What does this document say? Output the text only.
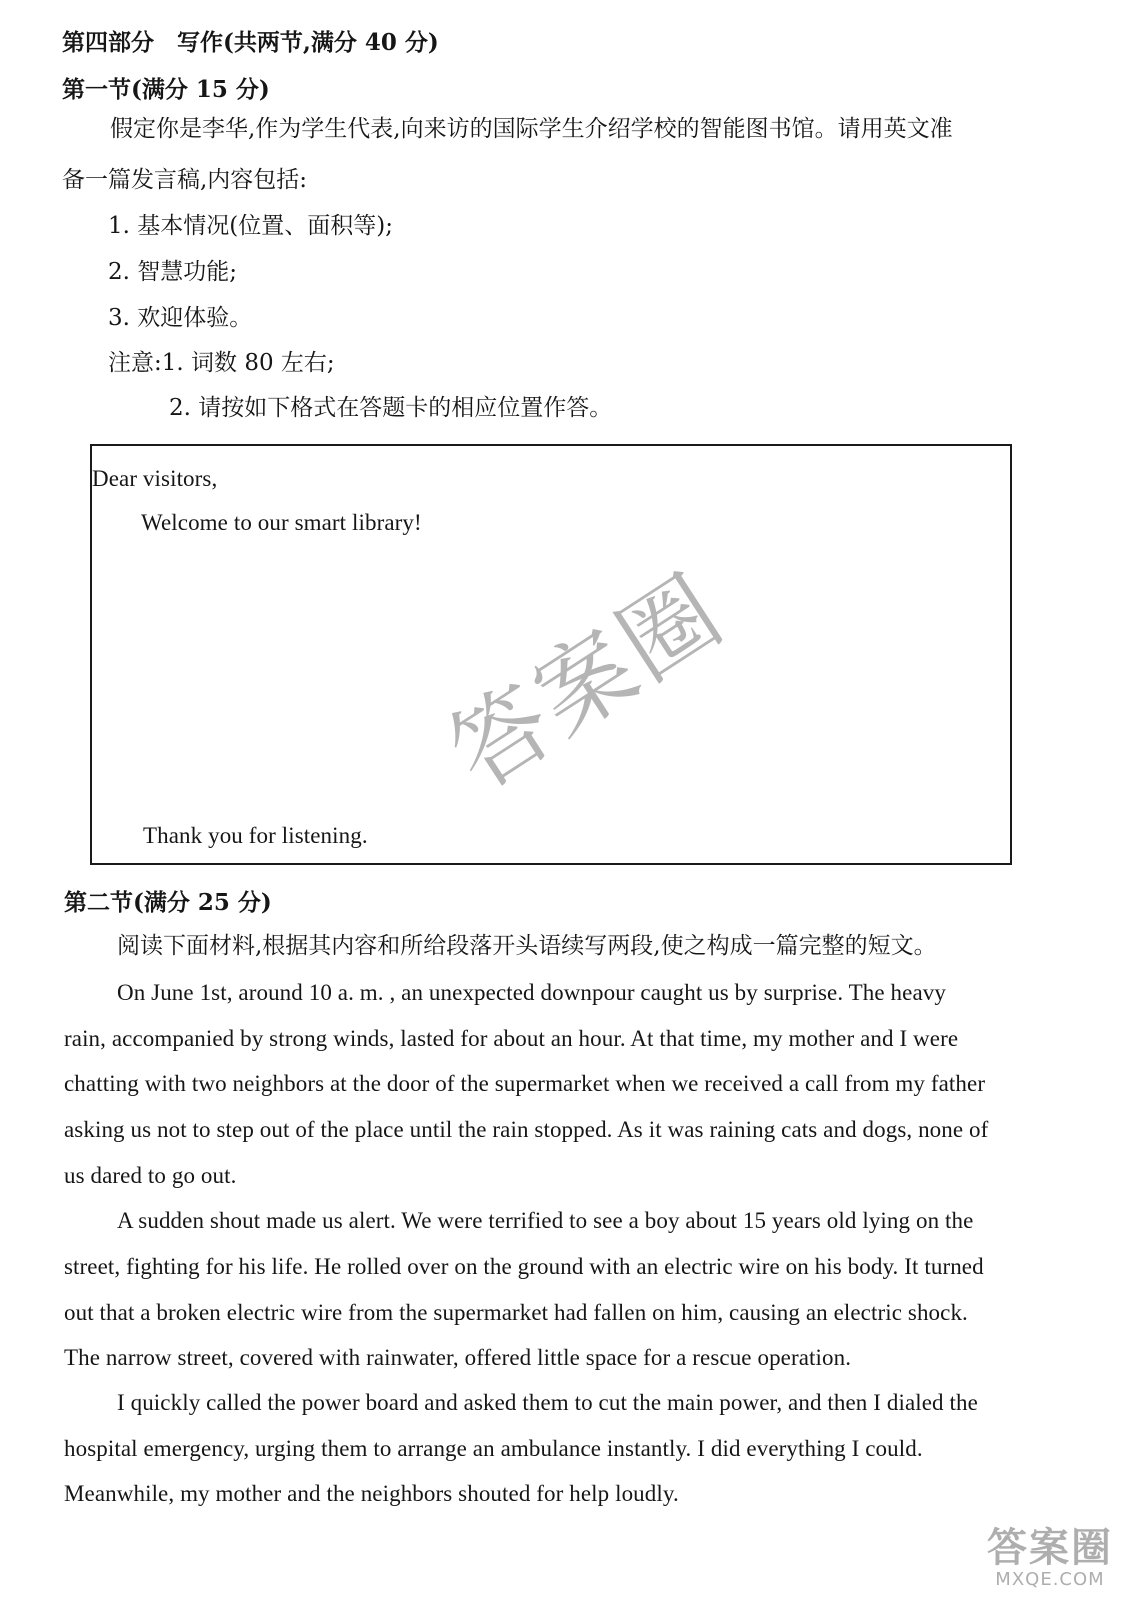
第四部分　写作(共两节,满分 40 分)
第一节(满分 15 分)
假定你是李华,作为学生代表,向来访的国际学生介绍学校的智能图书馆。请用英文准
备一篇发言稿,内容包括:
1. 基本情况(位置、面积等);
2. 智慧功能;
3. 欢迎体验。
注意:1. 词数 80 左右;
2. 请按如下格式在答题卡的相应位置作答。
Dear visitors,
Welcome to our smart library!
Thank you for listening.
第二节(满分 25 分)
阅读下面材料,根据其内容和所给段落开头语续写两段,使之构成一篇完整的短文。
On June 1st, around 10 a. m. , an unexpected downpour caught us by surprise. The heavy
rain, accompanied by strong winds, lasted for about an hour. At that time, my mother and I were
chatting with two neighbors at the door of the supermarket when we received a call from my father
asking us not to step out of the place until the rain stopped. As it was raining cats and dogs, none of
us dared to go out.
A sudden shout made us alert. We were terrified to see a boy about 15 years old lying on the
street, fighting for his life. He rolled over on the ground with an electric wire on his body. It turned
out that a broken electric wire from the supermarket had fallen on him, causing an electric shock.
The narrow street, covered with rainwater, offered little space for a rescue operation.
I quickly called the power board and asked them to cut the main power, and then I dialed the
hospital emergency, urging them to arrange an ambulance instantly. I did everything I could.
Meanwhile, my mother and the neighbors shouted for help loudly.
答案圈
答案圈
MXQE.COM
